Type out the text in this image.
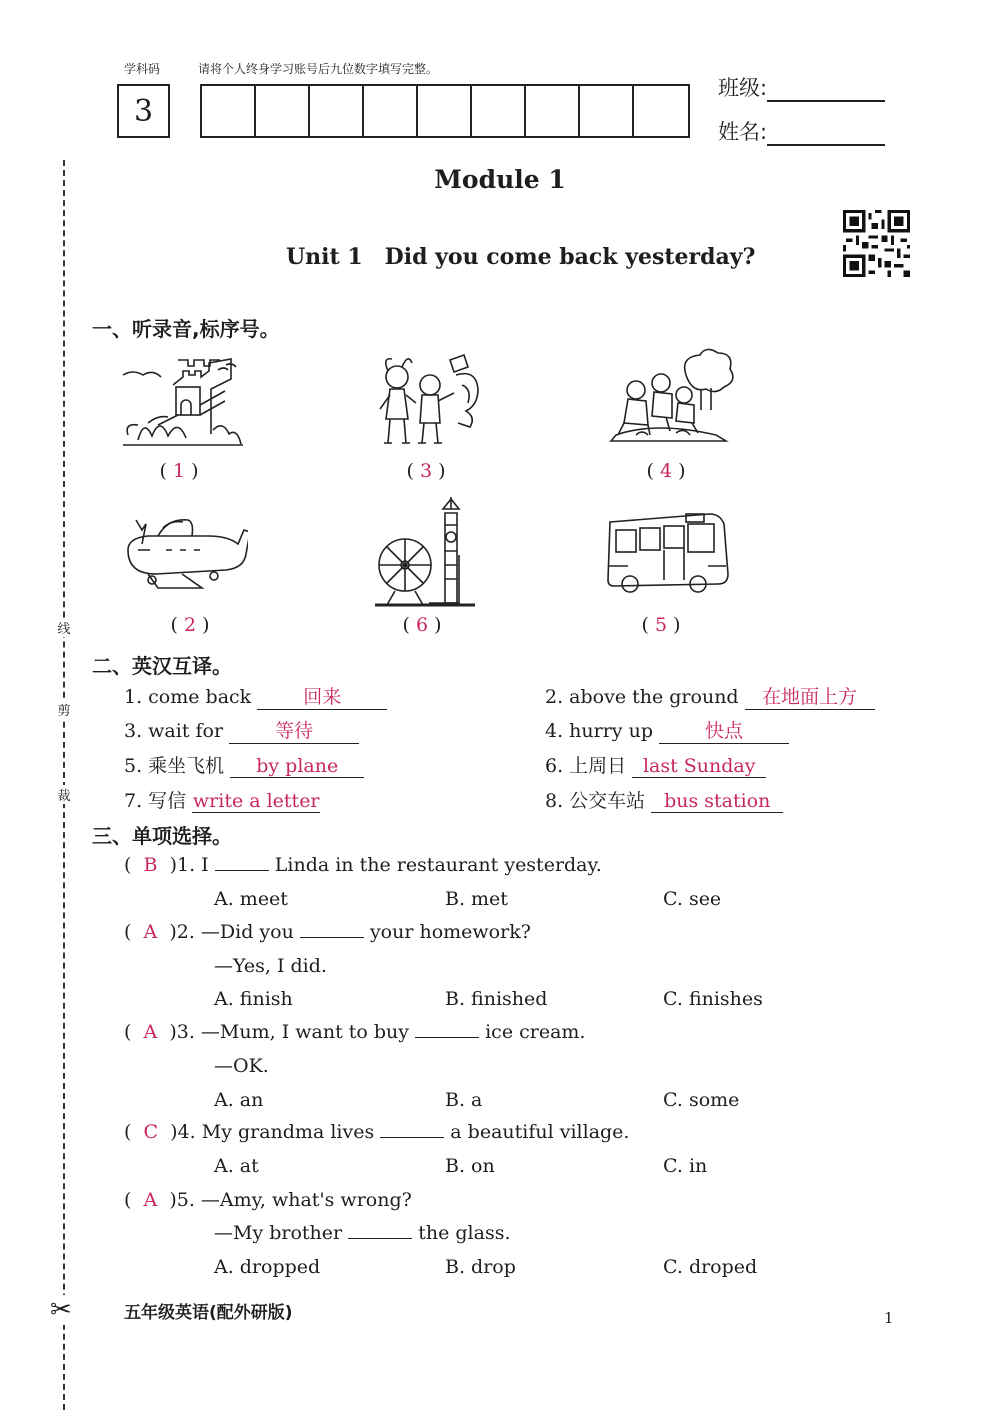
学科码	请将个人终身学习账号后九位数字填写完整。
3
班级:
姓名:
线
剪
裁
✂
Module 1
Unit 1　Did you come back yesterday?
一、听录音,标序号。
( 1 )	( 3 )	( 4 )
( 2 )	( 6 )	( 5 )
二、英汉互译。
1. come back	回来	2. above the ground 在地面上方
3. wait for	等待	4. hurry up	快点
5. 乘坐飞机 by plane	6. 上周日 last Sunday
7. 写信 write a letter	8. 公交车站 bus station
三、单项选择。
(  B )1. I	Linda in the restaurant yesterday.
A. meet	B. met	C. see
(  A )2. —Did you	your homework?
—Yes, I did.
A. finish	B. finished	C. finishes
(  A )3. —Mum, I want to buy	ice cream.
—OK.
A. an	B. a	C. some
(  C )4. My grandma lives	a beautiful village.
A. at	B. on	C. in
(  A )5. —Amy, what's wrong?
—My brother	the glass.
A. dropped	B. drop	C. droped
五年级英语(配外研版)	1
